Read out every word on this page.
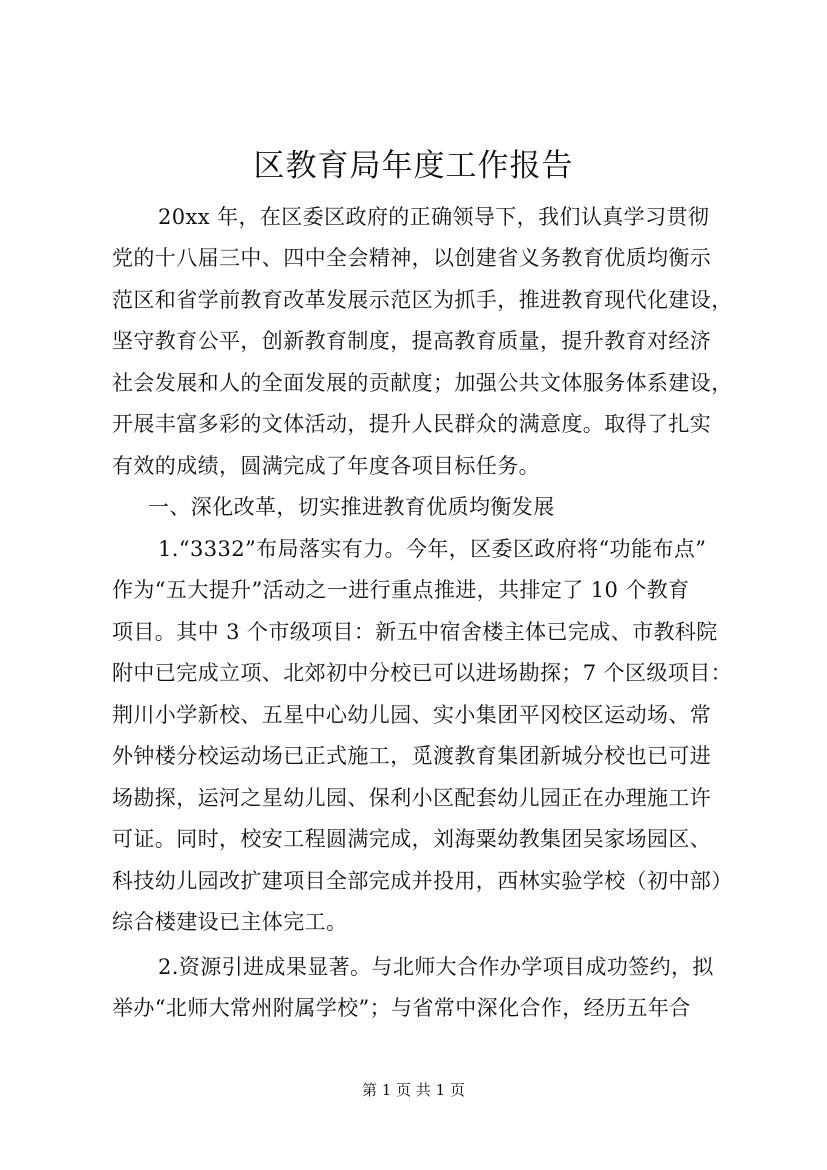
区教育局年度工作报告
20xx 年，在区委区政府的正确领导下，我们认真学习贯彻
党的十八届三中、四中全会精神，以创建省义务教育优质均衡示
范区和省学前教育改革发展示范区为抓手，推进教育现代化建设，
坚守教育公平，创新教育制度，提高教育质量，提升教育对经济
社会发展和人的全面发展的贡献度；加强公共文体服务体系建设，
开展丰富多彩的文体活动，提升人民群众的满意度。取得了扎实
有效的成绩，圆满完成了年度各项目标任务。
一、深化改革，切实推进教育优质均衡发展
1.“3332”布局落实有力。今年，区委区政府将“功能布点”
作为“五大提升”活动之一进行重点推进，共排定了 10 个教育
项目。其中 3 个市级项目：新五中宿舍楼主体已完成、市教科院
附中已完成立项、北郊初中分校已可以进场勘探；7 个区级项目：
荆川小学新校、五星中心幼儿园、实小集团平冈校区运动场、常
外钟楼分校运动场已正式施工，觅渡教育集团新城分校也已可进
场勘探，运河之星幼儿园、保利小区配套幼儿园正在办理施工许
可证。同时，校安工程圆满完成，刘海粟幼教集团吴家场园区、
科技幼儿园改扩建项目全部完成并投用，西林实验学校（初中部）
综合楼建设已主体完工。
2.资源引进成果显著。与北师大合作办学项目成功签约，拟
举办“北师大常州附属学校”；与省常中深化合作，经历五年合
第 1 页 共 1 页
